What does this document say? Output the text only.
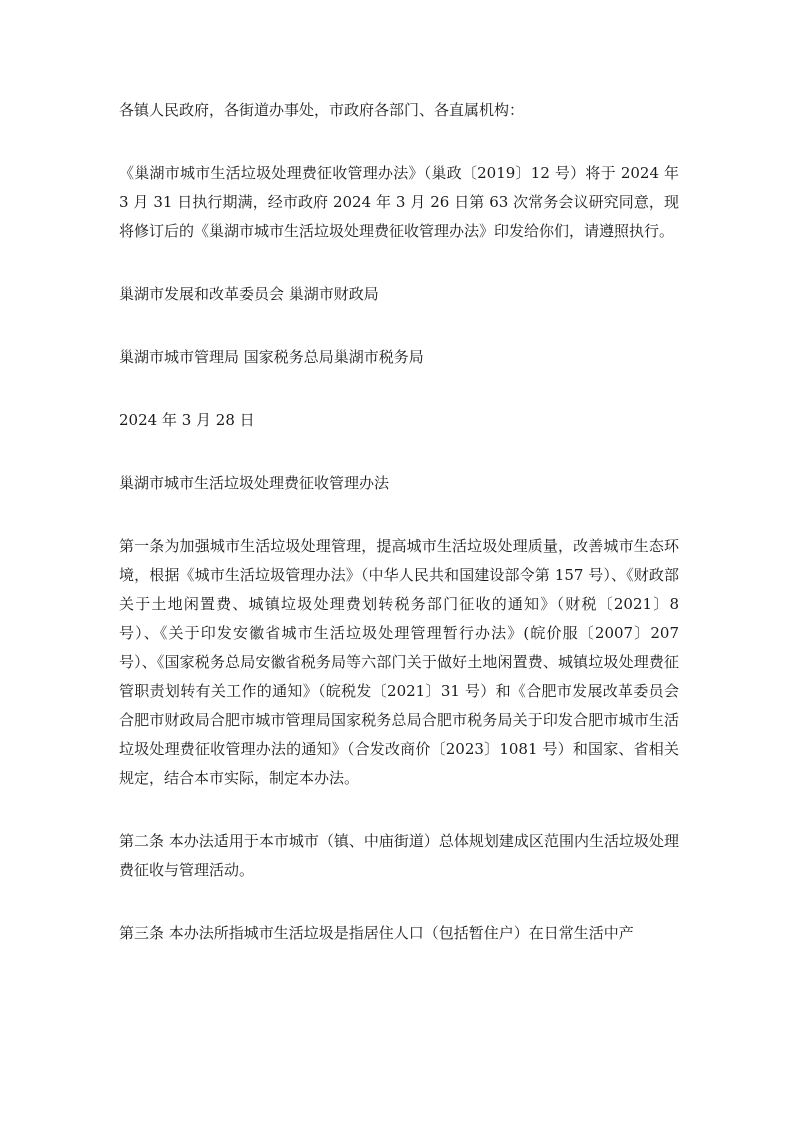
各镇人民政府，各街道办事处，市政府各部门、各直属机构：

《巢湖市城市生活垃圾处理费征收管理办法》（巢政〔2019〕12 号）将于 2024 年 3 月 31 日执行期满，经市政府 2024 年 3 月 26 日第 63 次常务会议研究同意，现将修订后的《巢湖市城市生活垃圾处理费征收管理办法》印发给你们，请遵照执行。

巢湖市发展和改革委员会 巢湖市财政局

巢湖市城市管理局 国家税务总局巢湖市税务局

2024 年 3 月 28 日

巢湖市城市生活垃圾处理费征收管理办法

第一条为加强城市生活垃圾处理管理，提高城市生活垃圾处理质量，改善城市生态环境，根据《城市生活垃圾管理办法》（中华人民共和国建设部令第 157 号）、《财政部关于土地闲置费、城镇垃圾处理费划转税务部门征收的通知》（财税〔2021〕8 号）、《关于印发安徽省城市生活垃圾处理管理暂行办法》(皖价服〔2007〕207 号）、《国家税务总局安徽省税务局等六部门关于做好土地闲置费、城镇垃圾处理费征管职责划转有关工作的通知》（皖税发〔2021〕31 号）和《合肥市发展改革委员会合肥市财政局合肥市城市管理局国家税务总局合肥市税务局关于印发合肥市城市生活垃圾处理费征收管理办法的通知》（合发改商价〔2023〕1081 号）和国家、省相关规定，结合本市实际，制定本办法。

第二条 本办法适用于本市城市（镇、中庙街道）总体规划建成区范围内生活垃圾处理费征收与管理活动。

第三条 本办法所指城市生活垃圾是指居住人口（包括暂住户）在日常生活中产
